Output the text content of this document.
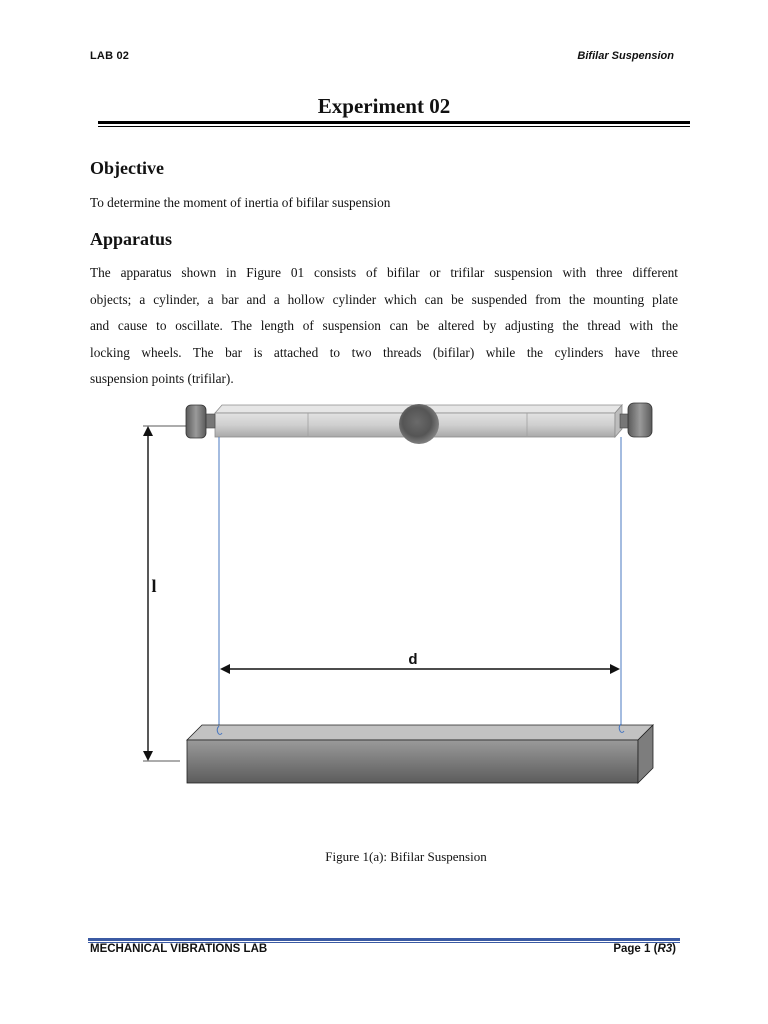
LAB 02	Bifilar Suspension
Experiment 02
Objective
To determine the moment of inertia of bifilar suspension
Apparatus
The apparatus shown in Figure 01 consists of bifilar or trifilar suspension with three different
objects; a cylinder, a bar and a hollow cylinder which can be suspended from the mounting plate
and cause to oscillate. The length of suspension can be altered by adjusting the thread with the
locking wheels. The bar is attached to two threads (bifilar) while the cylinders have three
suspension points (trifilar).
l
d
Figure 1(a): Bifilar Suspension
MECHANICAL VIBRATIONS LAB	Page 1 (R3)
